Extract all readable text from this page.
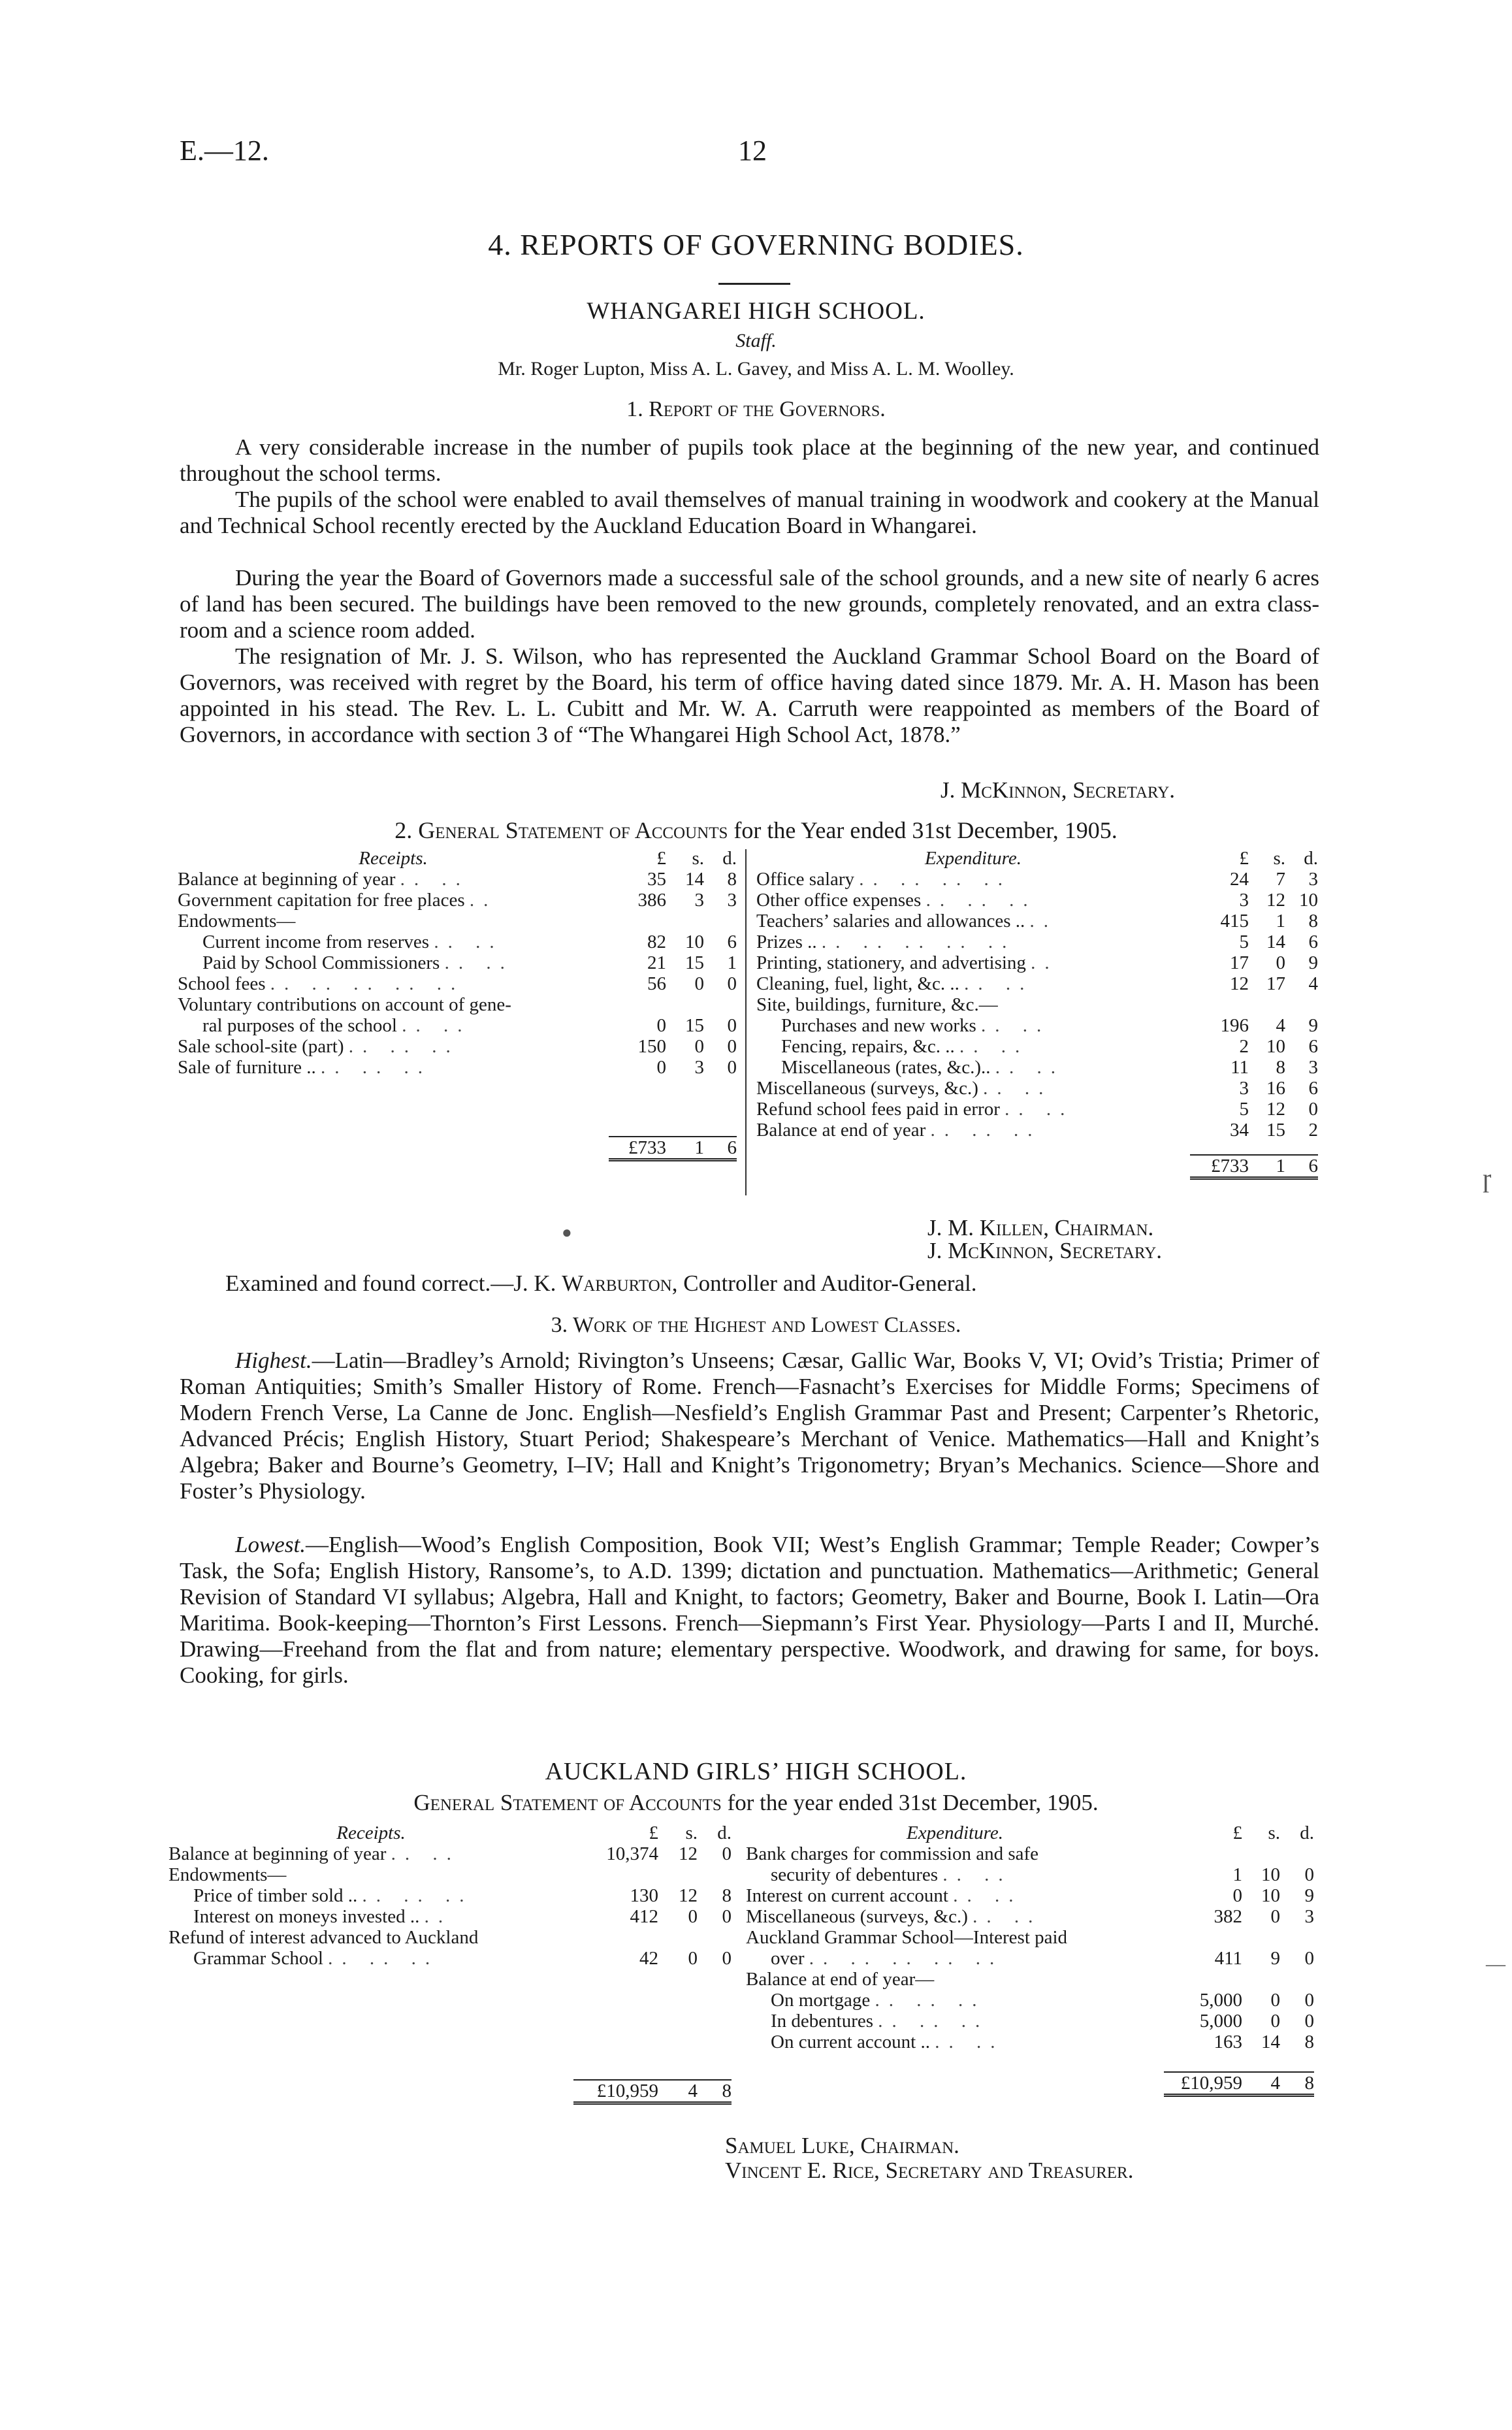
E.—12.	12
4. REPORTS OF GOVERNING BODIES.
WHANGAREI HIGH SCHOOL.
Staff.
Mr. Roger Lupton, Miss A. L. Gavey, and Miss A. L. M. Woolley.
1. Report of the Governors.

A very considerable increase in the number of pupils took place at the beginning of the new year, and continued throughout the school terms.

The pupils of the school were enabled to avail themselves of manual training in woodwork and cookery at the Manual and Technical School recently erected by the Auckland Education Board in Whangarei.

During the year the Board of Governors made a successful sale of the school grounds, and a new site of nearly 6 acres of land has been secured. The buildings have been removed to the new grounds, completely renovated, and an extra class-room and a science room added.

The resignation of Mr. J. S. Wilson, who has represented the Auckland Grammar School Board on the Board of Governors, was received with regret by the Board, his term of office having dated since 1879. Mr. A. H. Mason has been appointed in his stead. The Rev. L. L. Cubitt and Mr. W. A. Carruth were reappointed as members of the Board of Governors, in accordance with section 3 of “The Whangarei High School Act, 1878.”

J. McKinnon, Secretary.
2. General Statement of Accounts for the Year ended 31st December, 1905.
Receipts.	£	s.	d.
Balance at beginning of year .. ..	35	14	8
Government capitation for free places ..	386	3	3
Endowments—			
Current income from reserves .. ..	82	10	6
Paid by School Commissioners .. ..	21	15	1
School fees .. .. .. .. ..	56	0	0
Voluntary contributions on account of gene-			
ral purposes of the school .. ..	0	15	0
Sale school-site (part) .. .. ..	150	0	0
Sale of furniture .. .. .. ..	0	3	0

	£733	1	6
Expenditure.	£	s.	d.
Office salary .. .. .. ..	24	7	3
Other office expenses .. .. ..	3	12	10
Teachers’ salaries and allowances .. ..	415	1	8
Prizes .. .. .. .. .. ..	5	14	6
Printing, stationery, and advertising ..	17	0	9
Cleaning, fuel, light, &c. .. .. ..	12	17	4
Site, buildings, furniture, &c.—			
Purchases and new works .. ..	196	4	9
Fencing, repairs, &c. .. .. ..	2	10	6
Miscellaneous (rates, &c.).. .. ..	11	8	3
Miscellaneous (surveys, &c.) .. ..	3	16	6
Refund school fees paid in error .. ..	5	12	0
Balance at end of year .. .. ..	34	15	2

	£733	1	6
J. M. Killen, Chairman.
J. McKinnon, Secretary.
Examined and found correct.—J. K. Warburton, Controller and Auditor-General.
3. Work of the Highest and Lowest Classes.

Highest.—Latin—Bradley’s Arnold; Rivington’s Unseens; Cæsar, Gallic War, Books V, VI; Ovid’s Tristia; Primer of Roman Antiquities; Smith’s Smaller History of Rome. French—Fasnacht’s Exercises for Middle Forms; Specimens of Modern French Verse, La Canne de Jonc. English—Nesfield’s English Grammar Past and Present; Carpenter’s Rhetoric, Advanced Précis; English History, Stuart Period; Shakespeare’s Merchant of Venice. Mathematics—Hall and Knight’s Algebra; Baker and Bourne’s Geometry, I–IV; Hall and Knight’s Trigonometry; Bryan’s Mechanics. Science—Shore and Foster’s Physiology.

Lowest.—English—Wood’s English Composition, Book VII; West’s English Grammar; Temple Reader; Cowper’s Task, the Sofa; English History, Ransome’s, to A.D. 1399; dictation and punctuation. Mathematics—Arithmetic; General Revision of Standard VI syllabus; Algebra, Hall and Knight, to factors; Geometry, Baker and Bourne, Book I. Latin—Ora Maritima. Book-keeping—Thornton’s First Lessons. French—Siepmann’s First Year. Physiology—Parts I and II, Murché. Drawing—Freehand from the flat and from nature; elementary perspective. Woodwork, and drawing for same, for boys. Cooking, for girls.

AUCKLAND GIRLS’ HIGH SCHOOL.
General Statement of Accounts for the year ended 31st December, 1905.
Receipts.	£	s.	d.
Balance at beginning of year .. ..	10,374	12	0
Endowments—			
Price of timber sold .. .. .. ..	130	12	8
Interest on moneys invested .. ..	412	0	0
Refund of interest advanced to Auckland			
Grammar School .. .. ..	42	0	0

	£10,959	4	8
Expenditure.	£	s.	d.
Bank charges for commission and safe			
security of debentures .. ..	1	10	0
Interest on current account .. ..	0	10	9
Miscellaneous (surveys, &c.) .. ..	382	0	3
Auckland Grammar School—Interest paid			
over .. .. .. .. ..	411	9	0
Balance at end of year—			
On mortgage .. .. ..	5,000	0	0
In debentures .. .. ..	5,000	0	0
On current account .. .. ..	163	14	8

	£10,959	4	8
Samuel Luke, Chairman.
Vincent E. Rice, Secretary and Treasurer.
ɼ
—
●
